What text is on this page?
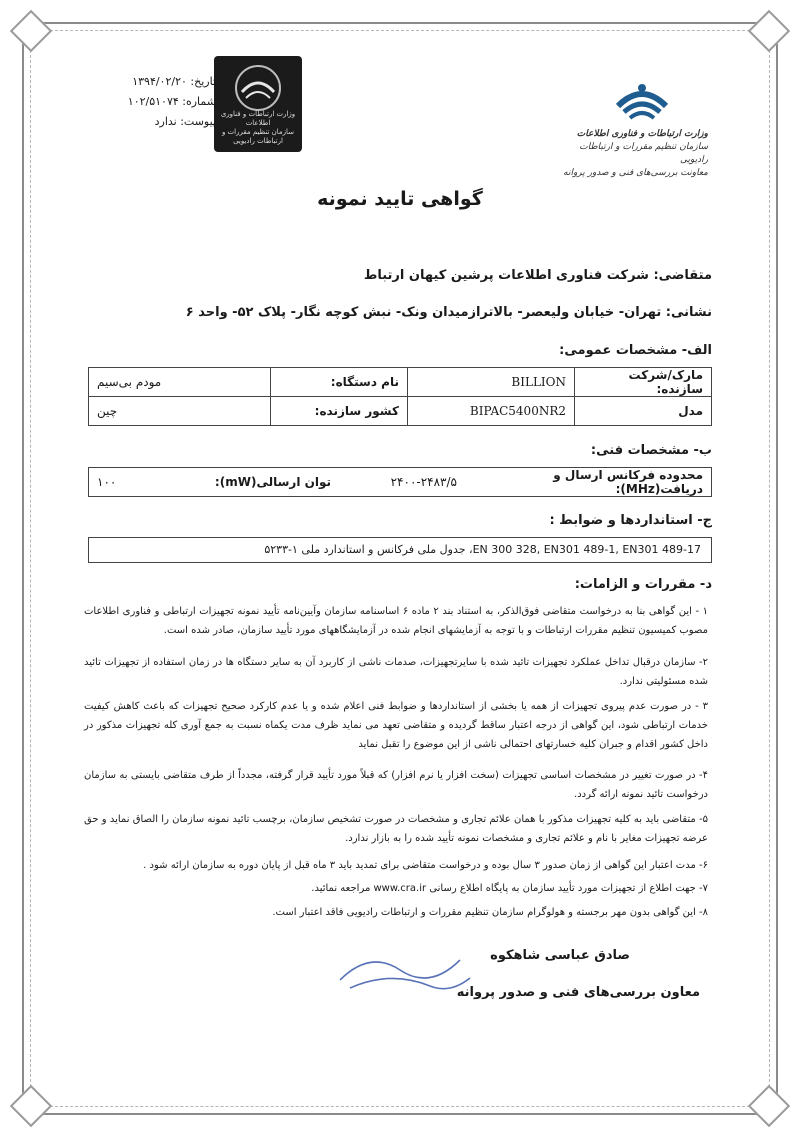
وزارت ارتباطات و فناوری اطلاعات
سازمان تنظیم مقررات و ارتباطات رادیویی
معاونت بررسی‌های فنی و صدور پروانه
وزارت ارتباطات و فناوری اطلاعات
سازمان تنظیم مقررات و ارتباطات رادیویی
تاریخ: ۱۳۹۴/۰۲/۲۰
شماره: ۱۰۲/۵۱۰۷۴
پیوست: ندارد
گواهی تایید نمونه
متقاضی: شرکت فناوری اطلاعات پرشین کیهان ارتباط
نشانی: تهران- خیابان ولیعصر- بالاترازمیدان ونک- نبش کوچه نگار- پلاک ۵۲- واحد ۶
الف- مشخصات عمومی:
مارک/شرکت سازنده:	BILLION	نام دستگاه:	مودم بی‌سیم
مدل	BIPAC5400NR2	کشور سازنده:	چین
ب- مشخصات فنی:
محدوده فرکانس ارسال و دریافت(MHz):	۲۴۰۰-۲۴۸۳/۵	توان ارسالی(mW):	۱۰۰
ج- استانداردها و ضوابط :
EN 300 328, EN301 489-1, EN301 489-17، جدول ملی فرکانس و استاندارد ملی ۱-۵۲۳۳
د- مقررات و الزامات:
۱ - این گواهی بنا به درخواست متقاضی فوق‌الذکر، به استناد بند ۲ ماده ۶ اساسنامه سازمان وآیین‌نامه تأیید نمونه تجهیزات ارتباطی و فناوری اطلاعات مصوب کمیسیون تنظیم مقررات ارتباطات و با توجه به آزمایشهای انجام شده در آزمایشگاههای مورد تأیید سازمان، صادر شده است.
۲- سازمان درقبال تداخل عملکرد تجهیزات تائید شده با سایرتجهیزات، صدمات ناشی از کاربرد آن به سایر دستگاه ها در زمان استفاده از تجهیزات تائید شده مسئولیتی ندارد.
۳ - در صورت عدم پیروی تجهیزات از همه یا بخشی از استانداردها و ضوابط فنی اعلام شده و یا عدم کارکرد صحیح تجهیزات که باعث کاهش کیفیت خدمات ارتباطی شود، این گواهی از درجه اعتبار ساقط گردیده و متقاضی تعهد می نماید ظرف مدت یکماه نسبت به جمع آوری کله تجهیزات مذکور در داخل کشور اقدام و جبران کلیه خسارتهای احتمالی ناشی از این موضوع را تقبل نماید
۴- در صورت تغییر در مشخصات اساسی تجهیزات (سخت افزار یا نرم افزار) که قبلاً مورد تأیید قرار گرفته، مجدداً از طرف متقاضی بایستی به سازمان درخواست تائید نمونه ارائه گردد.
۵- متقاضی باید به کلیه تجهیزات مذکور با همان علائم تجاری و مشخصات در صورت تشخیص سازمان، برچسب تائید نمونه سازمان را الصاق نماید و حق عرضه تجهیزات مغایر با نام و علائم تجاری و مشخصات نمونه تأیید شده را به بازار ندارد.
۶- مدت اعتبار این گواهی از زمان صدور ۳ سال بوده و درخواست متقاضی برای تمدید باید ۳ ماه قبل از پایان دوره به سازمان ارائه شود .
۷- جهت اطلاع از تجهیزات مورد تأیید سازمان به پایگاه اطلاع رسانی www.cra.ir مراجعه نمائید.
۸- این گواهی بدون مهر برجسته و هولوگرام سازمان تنظیم مقررات و ارتباطات رادیویی فاقد اعتبار است.
صادق عباسی شاهکوه
معاون بررسی‌های فنی و صدور پروانه
